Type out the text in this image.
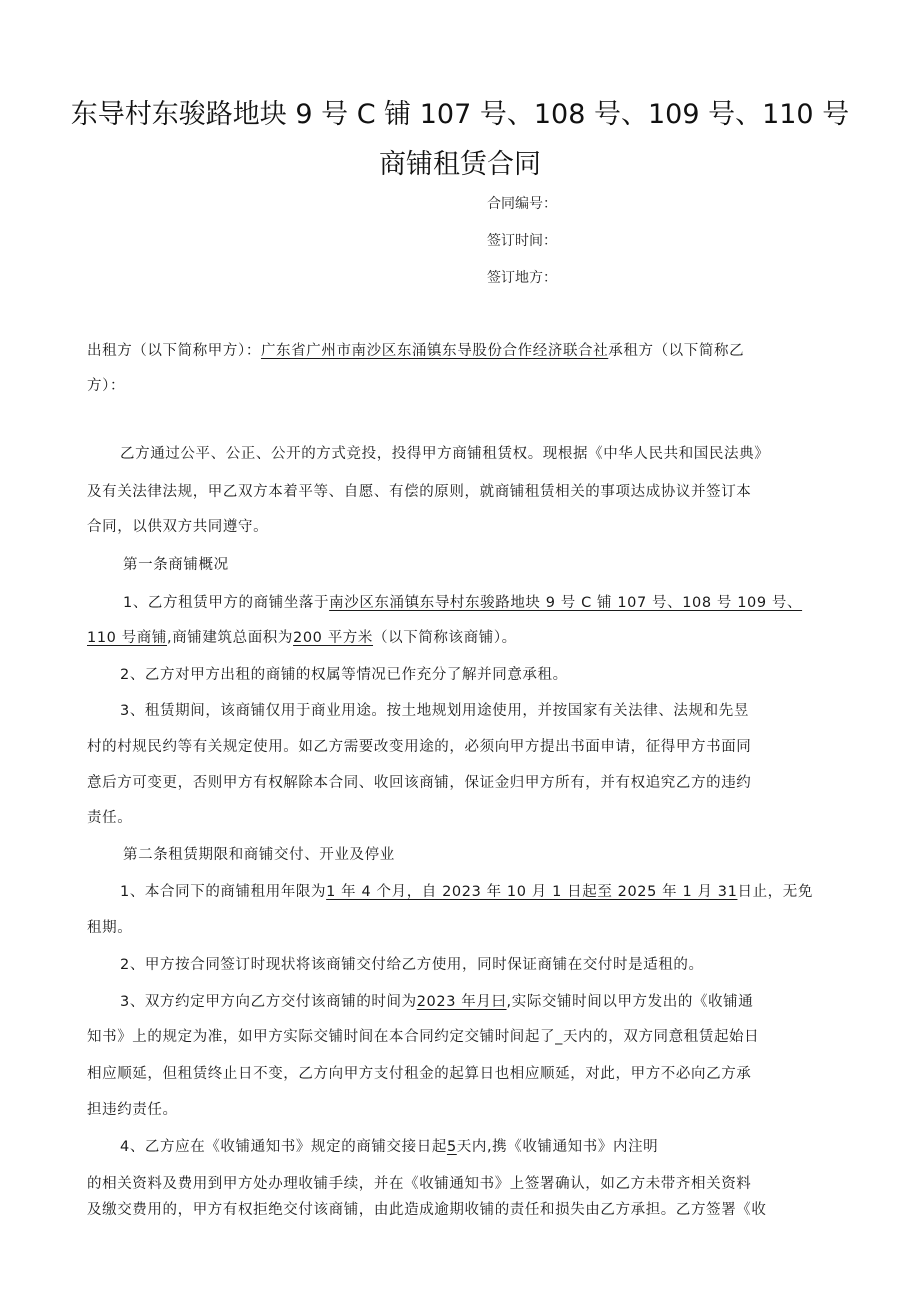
东导村东骏路地块 9 号 C 铺 107 号、108 号、109 号、110 号
商铺租赁合同
合同编号：
签订时间：
签订地方：
出租方（以下简称甲方）：广东省广州市南沙区东涌镇东导股份合作经济联合社承租方（以下简称乙
方）：
乙方通过公平、公正、公开的方式竞投，投得甲方商铺租赁权。现根据《中华人民共和国民法典》
及有关法律法规，甲乙双方本着平等、自愿、有偿的原则，就商铺租赁相关的事项达成协议并签订本
合同，以供双方共同遵守。
第一条商铺概况
1、乙方租赁甲方的商铺坐落于南沙区东涌镇东导村东骏路地块 9 号 C 铺 107 号、108 号 109 号、
110 号商铺,商铺建筑总面积为200 平方米（以下简称该商铺）。
2、乙方对甲方出租的商铺的权属等情况已作充分了解并同意承租。
3、租赁期间，该商铺仅用于商业用途。按土地规划用途使用，并按国家有关法律、法规和先昱
村的村规民约等有关规定使用。如乙方需要改变用途的，必须向甲方提出书面申请，征得甲方书面同
意后方可变更，否则甲方有权解除本合同、收回该商铺，保证金归甲方所有，并有权追究乙方的违约
责任。
第二条租赁期限和商铺交付、开业及停业
1、本合同下的商铺租用年限为1 年 4 个月，自 2023 年 10 月 1 日起至 2025 年 1 月 31日止，无免
租期。
2、甲方按合同签订时现状将该商铺交付给乙方使用，同时保证商铺在交付时是适租的。
3、双方约定甲方向乙方交付该商铺的时间为2023 年月曰,实际交铺时间以甲方发出的《收铺通
知书》上的规定为准，如甲方实际交铺时间在本合同约定交铺时间起了_天内的，双方同意租赁起始日
相应顺延，但租赁终止日不变，乙方向甲方支付租金的起算日也相应顺延，对此，甲方不必向乙方承
担违约责任。
4、乙方应在《收铺通知书》规定的商铺交接日起5天内,携《收铺通知书》内注明
的相关资料及费用到甲方处办理收铺手续，并在《收铺通知书》上签署确认，如乙方未带齐相关资料
及缴交费用的，甲方有权拒绝交付该商铺，由此造成逾期收铺的责任和损失由乙方承担。乙方签署《收
